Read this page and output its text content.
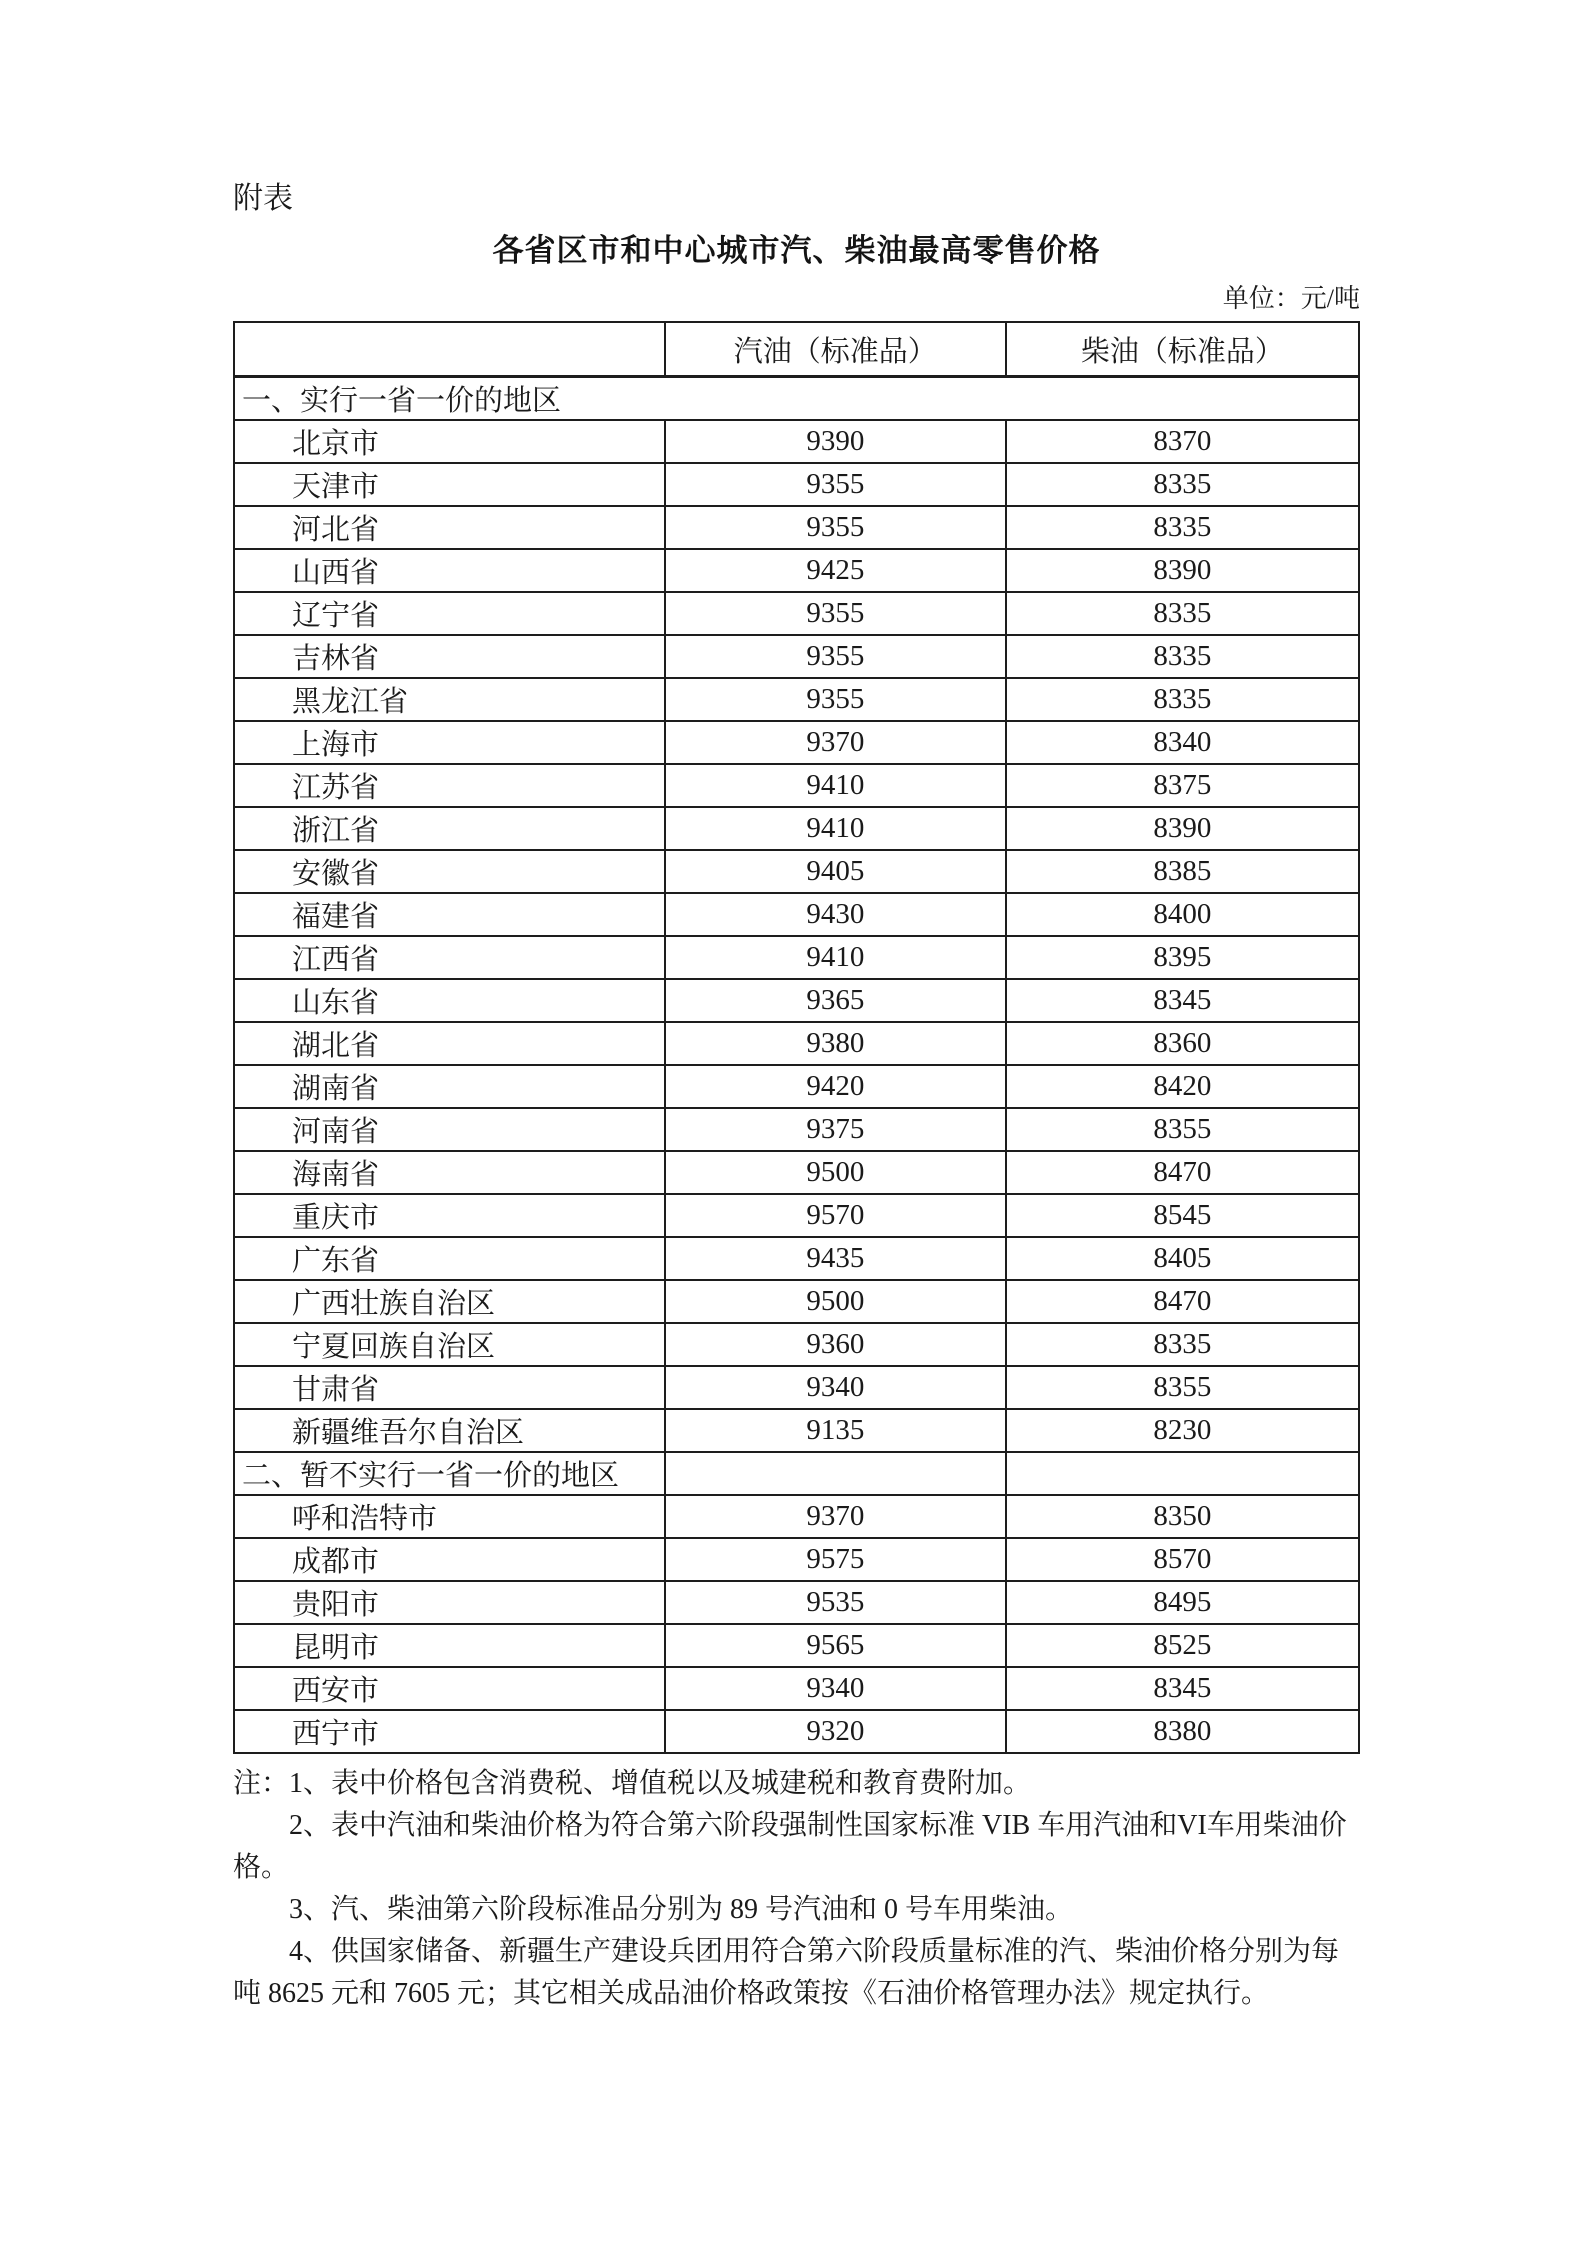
附表
各省区市和中心城市汽、柴油最高零售价格
单位：元/吨
	汽油（标准品）	柴油（标准品）
一、实行一省一价的地区		
北京市	9390	8370
天津市	9355	8335
河北省	9355	8335
山西省	9425	8390
辽宁省	9355	8335
吉林省	9355	8335
黑龙江省	9355	8335
上海市	9370	8340
江苏省	9410	8375
浙江省	9410	8390
安徽省	9405	8385
福建省	9430	8400
江西省	9410	8395
山东省	9365	8345
湖北省	9380	8360
湖南省	9420	8420
河南省	9375	8355
海南省	9500	8470
重庆市	9570	8545
广东省	9435	8405
广西壮族自治区	9500	8470
宁夏回族自治区	9360	8335
甘肃省	9340	8355
新疆维吾尔自治区	9135	8230
二、暂不实行一省一价的地区		
呼和浩特市	9370	8350
成都市	9575	8570
贵阳市	9535	8495
昆明市	9565	8525
西安市	9340	8345
西宁市	9320	8380

注：1、表中价格包含消费税、增值税以及城建税和教育费附加。

2、表中汽油和柴油价格为符合第六阶段强制性国家标准 VIB 车用汽油和VI车用柴油价格。

3、汽、柴油第六阶段标准品分别为 89 号汽油和 0 号车用柴油。

4、供国家储备、新疆生产建设兵团用符合第六阶段质量标准的汽、柴油价格分别为每吨 8625 元和 7605 元；其它相关成品油价格政策按《石油价格管理办法》规定执行。
